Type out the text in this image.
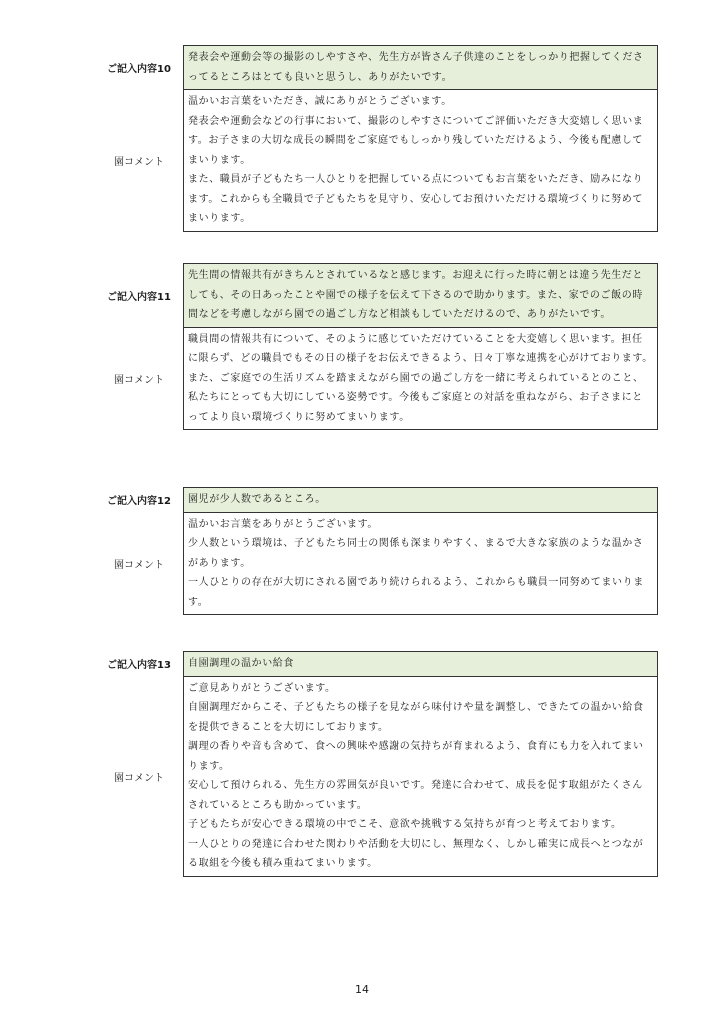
ご記入内容10
発表会や運動会等の撮影のしやすさや、先生方が皆さん子供達のことをしっかり把握してくださってるところはとても良いと思うし、ありがたいです。
園コメント
温かいお言葉をいただき、誠にありがとうございます。
発表会や運動会などの行事において、撮影のしやすさについてご評価いただき大変嬉しく思います。お子さまの大切な成長の瞬間をご家庭でもしっかり残していただけるよう、今後も配慮してまいります。
また、職員が子どもたち一人ひとりを把握している点についてもお言葉をいただき、励みになります。これからも全職員で子どもたちを見守り、安心してお預けいただける環境づくりに努めてまいります。
ご記入内容11
先生間の情報共有がきちんとされているなと感じます。お迎えに行った時に朝とは違う先生だとしても、その日あったことや園での様子を伝えて下さるので助かります。また、家でのご飯の時間などを考慮しながら園での過ごし方など相談もしていただけるので、ありがたいです。
園コメント
職員間の情報共有について、そのように感じていただけていることを大変嬉しく思います。担任に限らず、どの職員でもその日の様子をお伝えできるよう、日々丁寧な連携を心がけております。
また、ご家庭での生活リズムを踏まえながら園での過ごし方を一緒に考えられているとのこと、私たちにとっても大切にしている姿勢です。今後もご家庭との対話を重ねながら、お子さまにとってより良い環境づくりに努めてまいります。
ご記入内容12	園児が少人数であるところ。
園コメント
温かいお言葉をありがとうございます。
少人数という環境は、子どもたち同士の関係も深まりやすく、まるで大きな家族のような温かさがあります。
一人ひとりの存在が大切にされる園であり続けられるよう、これからも職員一同努めてまいります。
ご記入内容13	自園調理の温かい給食
園コメント
ご意見ありがとうございます。
自園調理だからこそ、子どもたちの様子を見ながら味付けや量を調整し、できたての温かい給食を提供できることを大切にしております。
調理の香りや音も含めて、食への興味や感謝の気持ちが育まれるよう、食育にも力を入れてまいります。
安心して預けられる、先生方の雰囲気が良いです。発達に合わせて、成長を促す取組がたくさんされているところも助かっています。
子どもたちが安心できる環境の中でこそ、意欲や挑戦する気持ちが育つと考えております。
一人ひとりの発達に合わせた関わりや活動を大切にし、無理なく、しかし確実に成長へとつながる取組を今後も積み重ねてまいります。
14
